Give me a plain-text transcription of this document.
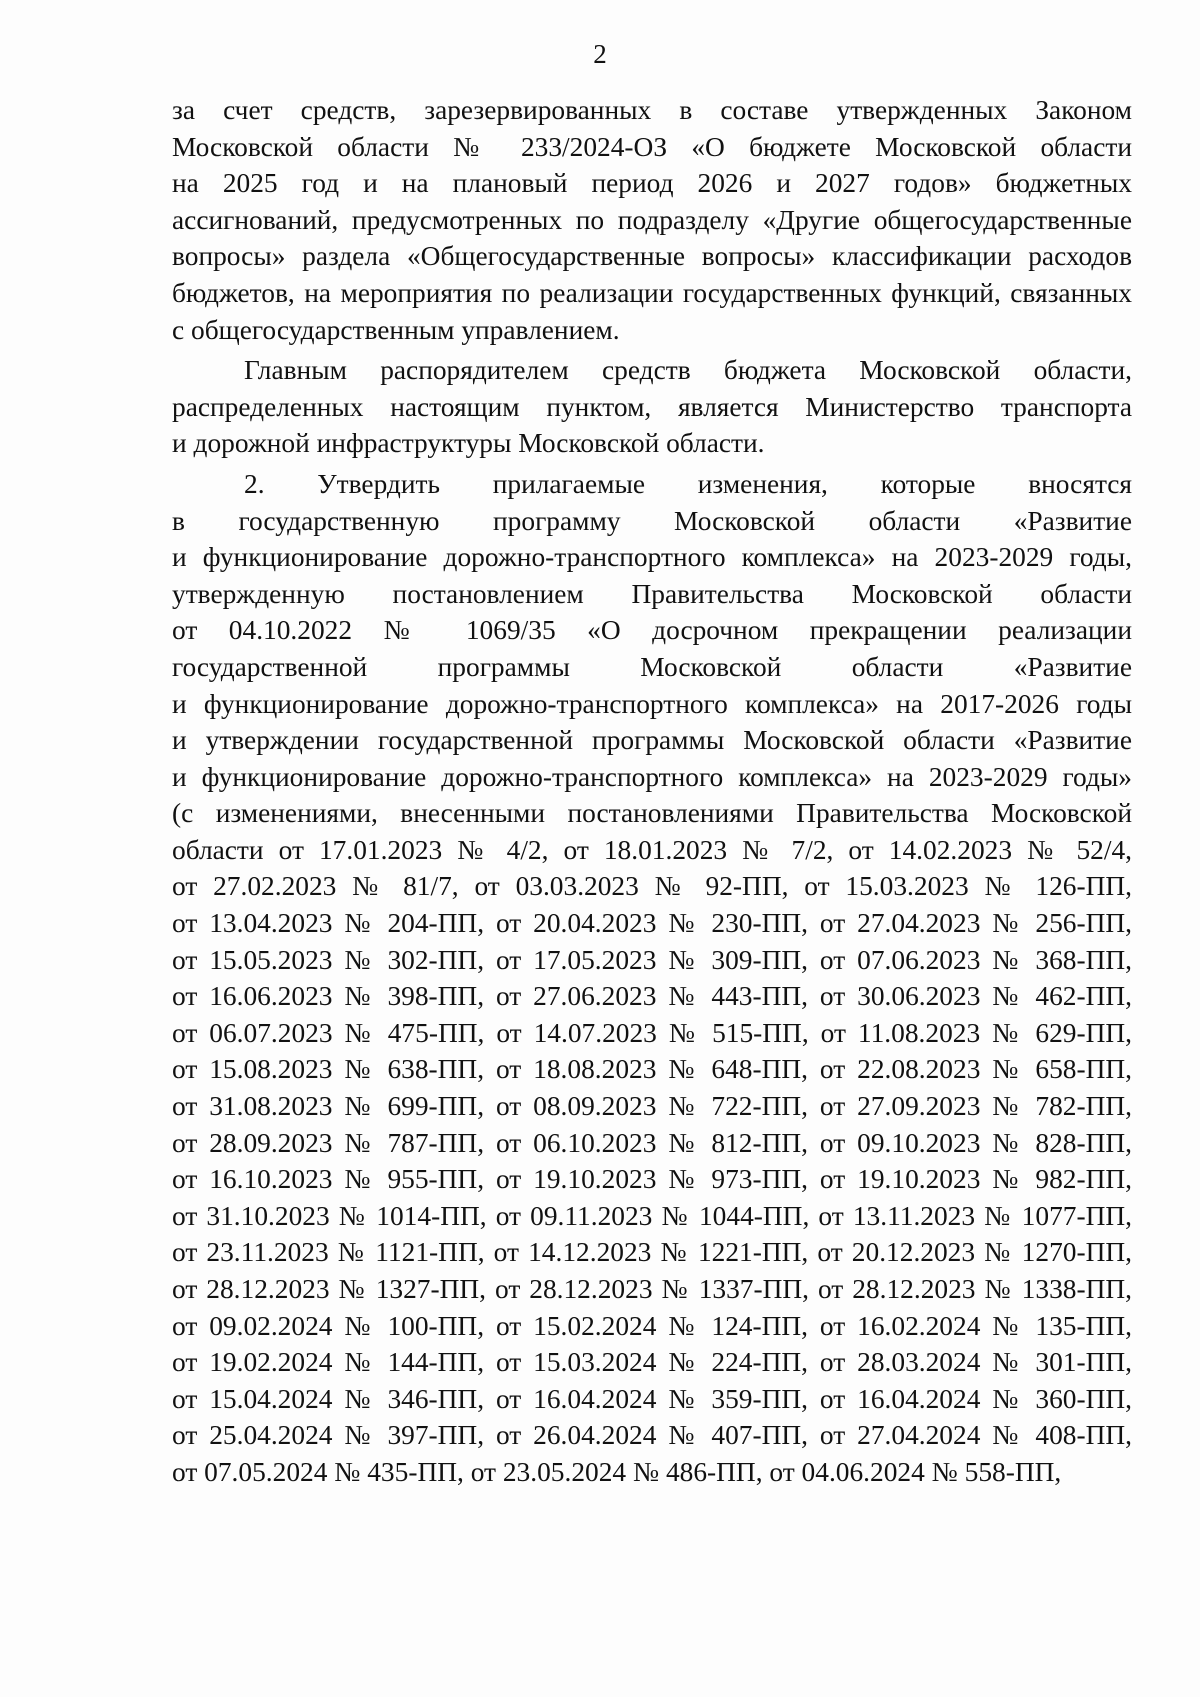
2
за счет средств, зарезервированных в составе утвержденных Законом
Московской области № 233/2024-ОЗ «О бюджете Московской области
на 2025 год и на плановый период 2026 и 2027 годов» бюджетных
ассигнований, предусмотренных по подразделу «Другие общегосударственные
вопросы» раздела «Общегосударственные вопросы» классификации расходов
бюджетов, на мероприятия по реализации государственных функций, связанных
с общегосударственным управлением.
Главным распорядителем средств бюджета Московской области,
распределенных настоящим пунктом, является Министерство транспорта
и дорожной инфраструктуры Московской области.
2. Утвердить прилагаемые изменения, которые вносятся
в государственную программу Московской области «Развитие
и функционирование дорожно-транспортного комплекса» на 2023-2029 годы,
утвержденную постановлением Правительства Московской области
от 04.10.2022 № 1069/35 «О досрочном прекращении реализации
государственной программы Московской области «Развитие
и функционирование дорожно-транспортного комплекса» на 2017-2026 годы
и утверждении государственной программы Московской области «Развитие
и функционирование дорожно-транспортного комплекса» на 2023-2029 годы»
(с изменениями, внесенными постановлениями Правительства Московской
области от 17.01.2023 № 4/2, от 18.01.2023 № 7/2, от 14.02.2023 № 52/4,
от 27.02.2023 № 81/7, от 03.03.2023 № 92-ПП, от 15.03.2023 № 126-ПП,
от 13.04.2023 № 204-ПП, от 20.04.2023 № 230-ПП, от 27.04.2023 № 256-ПП,
от 15.05.2023 № 302-ПП, от 17.05.2023 № 309-ПП, от 07.06.2023 № 368-ПП,
от 16.06.2023 № 398-ПП, от 27.06.2023 № 443-ПП, от 30.06.2023 № 462-ПП,
от 06.07.2023 № 475-ПП, от 14.07.2023 № 515-ПП, от 11.08.2023 № 629-ПП,
от 15.08.2023 № 638-ПП, от 18.08.2023 № 648-ПП, от 22.08.2023 № 658-ПП,
от 31.08.2023 № 699-ПП, от 08.09.2023 № 722-ПП, от 27.09.2023 № 782-ПП,
от 28.09.2023 № 787-ПП, от 06.10.2023 № 812-ПП, от 09.10.2023 № 828-ПП,
от 16.10.2023 № 955-ПП, от 19.10.2023 № 973-ПП, от 19.10.2023 № 982-ПП,
от 31.10.2023 № 1014-ПП, от 09.11.2023 № 1044-ПП, от 13.11.2023 № 1077-ПП,
от 23.11.2023 № 1121-ПП, от 14.12.2023 № 1221-ПП, от 20.12.2023 № 1270-ПП,
от 28.12.2023 № 1327-ПП, от 28.12.2023 № 1337-ПП, от 28.12.2023 № 1338-ПП,
от 09.02.2024 № 100-ПП, от 15.02.2024 № 124-ПП, от 16.02.2024 № 135-ПП,
от 19.02.2024 № 144-ПП, от 15.03.2024 № 224-ПП, от 28.03.2024 № 301-ПП,
от 15.04.2024 № 346-ПП, от 16.04.2024 № 359-ПП, от 16.04.2024 № 360-ПП,
от 25.04.2024 № 397-ПП, от 26.04.2024 № 407-ПП, от 27.04.2024 № 408-ПП,
от 07.05.2024 № 435-ПП, от 23.05.2024 № 486-ПП, от 04.06.2024 № 558-ПП,
